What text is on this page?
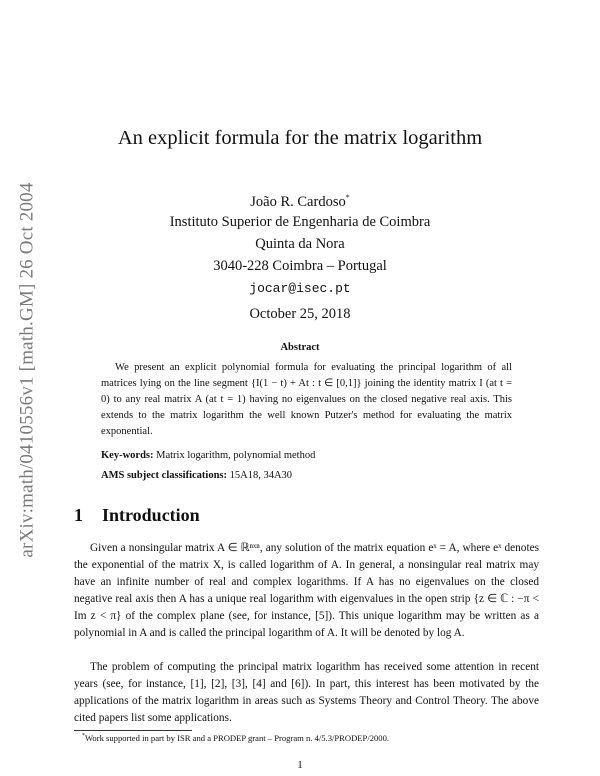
arXiv:math/0410556v1 [math.GM] 26 Oct 2004
An explicit formula for the matrix logarithm
João R. Cardoso*
Instituto Superior de Engenharia de Coimbra
Quinta da Nora
3040-228 Coimbra – Portugal
jocar@isec.pt
October 25, 2018
Abstract

We present an explicit polynomial formula for evaluating the principal logarithm of all matrices lying on the line segment {I(1 − t) + At : t ∈ [0,1]} joining the identity matrix I (at t = 0) to any real matrix A (at t = 1) having no eigenvalues on the closed negative real axis. This extends to the matrix logarithm the well known Putzer's method for evaluating the matrix exponential.

Key-words: Matrix logarithm, polynomial method
AMS subject classifications: 15A18, 34A30
1 Introduction

Given a nonsingular matrix A ∈ ℝⁿˣⁿ, any solution of the matrix equation eˣ = A, where eˣ denotes the exponential of the matrix X, is called logarithm of A. In general, a nonsingular real matrix may have an infinite number of real and complex logarithms. If A has no eigenvalues on the closed negative real axis then A has a unique real logarithm with eigenvalues in the open strip {z ∈ ℂ : −π < Im z < π} of the complex plane (see, for instance, [5]). This unique logarithm may be written as a polynomial in A and is called the principal logarithm of A. It will be denoted by log A.

The problem of computing the principal matrix logarithm has received some attention in recent years (see, for instance, [1], [2], [3], [4] and [6]). In part, this interest has been motivated by the applications of the matrix logarithm in areas such as Systems Theory and Control Theory. The above cited papers list some applications.

*Work supported in part by ISR and a PRODEP grant – Program n. 4/5.3/PRODEP/2000.
1
